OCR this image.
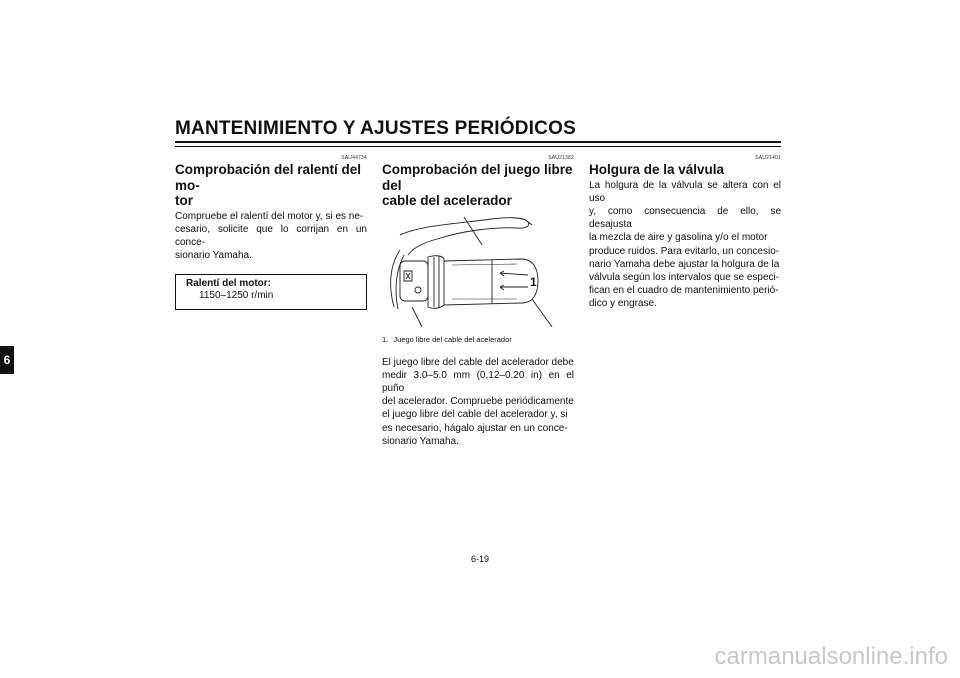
MANTENIMIENTO Y AJUSTES PERIÓDICOS
6
SAU44734
Comprobación del ralentí del mo-
tor

Compruebe el ralentí del motor y, si es ne-
cesario, solicite que lo corrijan en un conce-
sionario Yamaha.

Ralentí del motor:
1150–1250 r/min
SAU21382
Comprobación del juego libre del
cable del acelerador
1
1. Juego libre del cable del acelerador

El juego libre del cable del acelerador debe
medir 3.0–5.0 mm (0.12–0.20 in) en el puño
del acelerador. Compruebe periódicamente
el juego libre del cable del acelerador y, si
es necesario, hágalo ajustar en un conce-
sionario Yamaha.

SAU21401
Holgura de la válvula

La holgura de la válvula se altera con el uso
y, como consecuencia de ello, se desajusta
la mezcla de aire y gasolina y/o el motor
produce ruidos. Para evitarlo, un concesio-
nario Yamaha debe ajustar la holgura de la
válvula según los intervalos que se especi-
fican en el cuadro de mantenimiento perió-
dico y engrase.

6-19
carmanualsonline.info
